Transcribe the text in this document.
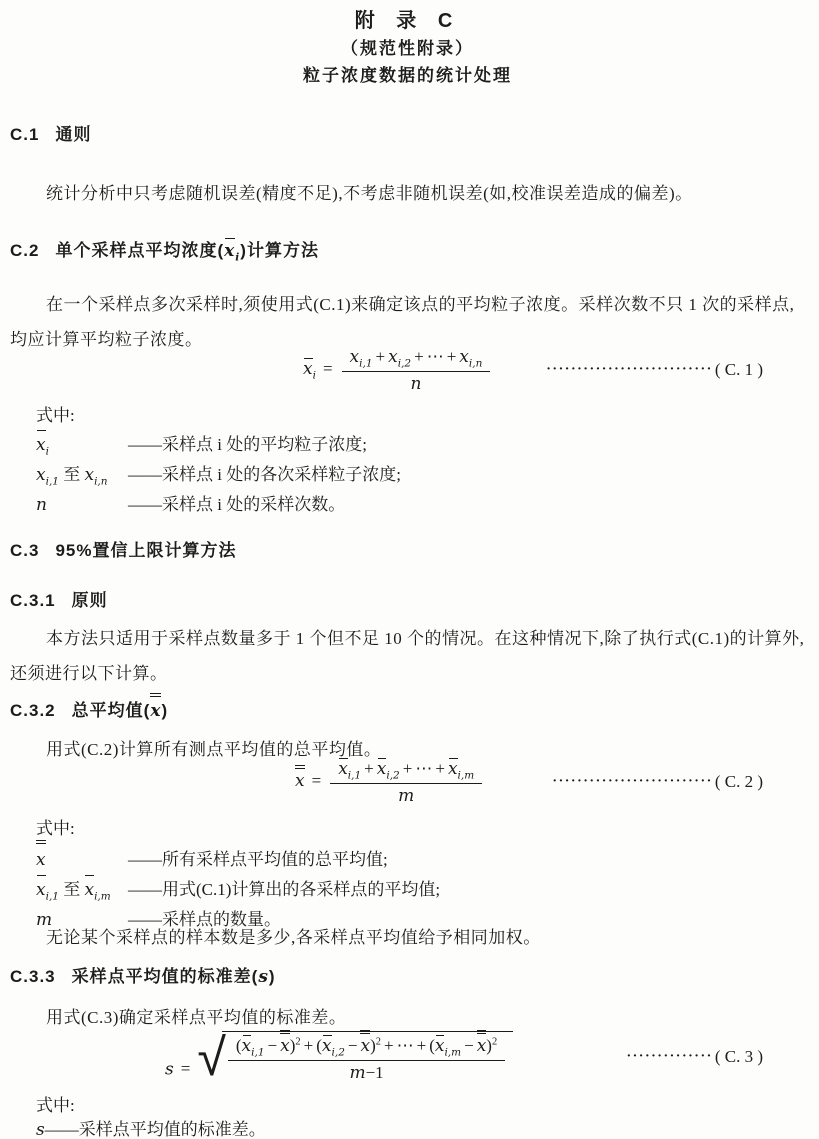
附 录 C
（规范性附录）
粒子浓度数据的统计处理
C.1 通则
统计分析中只考虑随机误差(精度不足),不考虑非随机误差(如,校准误差造成的偏差)。
C.2 单个采样点平均浓度$(x_i)$计算方法
在一个采样点多次采样时,须使用式(C.1)来确定该点的平均粒子浓度。采样次数不只 1 次的采样点,均应计算平均粒子浓度。
$x_i = \frac{x_{i,1} + x_{i,2} + \cdots + x_{i,n}}{n}$	··························· ( C. 1 )
式中:
$x_i$	——采样点 i 处的平均粒子浓度;
$x_{i,1}$ 至 $x_{i,n}$	——采样点 i 处的各次采样粒子浓度;
n	——采样点 i 处的采样次数。
C.3 95%置信上限计算方法
C.3.1 原则
本方法只适用于采样点数量多于 1 个但不足 10 个的情况。在这种情况下,除了执行式(C.1)的计算外,还须进行以下计算。
C.3.2 总平均值(x)
用式(C.2)计算所有测点平均值的总平均值。
$x = \frac{x_{i,1} + x_{i,2} + \cdots + x_{i,m}}{m}$	·························· ( C. 2 )
式中:
x	——所有采样点平均值的总平均值;
$x_{i,1}$ 至 $x_{i,m}$	——用式(C.1)计算出的各采样点的平均值;
m	——采样点的数量。
无论某个采样点的样本数是多少,各采样点平均值给予相同加权。
C.3.3 采样点平均值的标准差(s)
用式(C.3)确定采样点平均值的标准差。
s = √ $\frac{(x_{i,1} - x)^2 + (x_{i,2} - x)^2 + \cdots + (x_{i,m} - x)^2}{m-1}$	·············· ( C. 3 )
式中:
s——采样点平均值的标准差。
